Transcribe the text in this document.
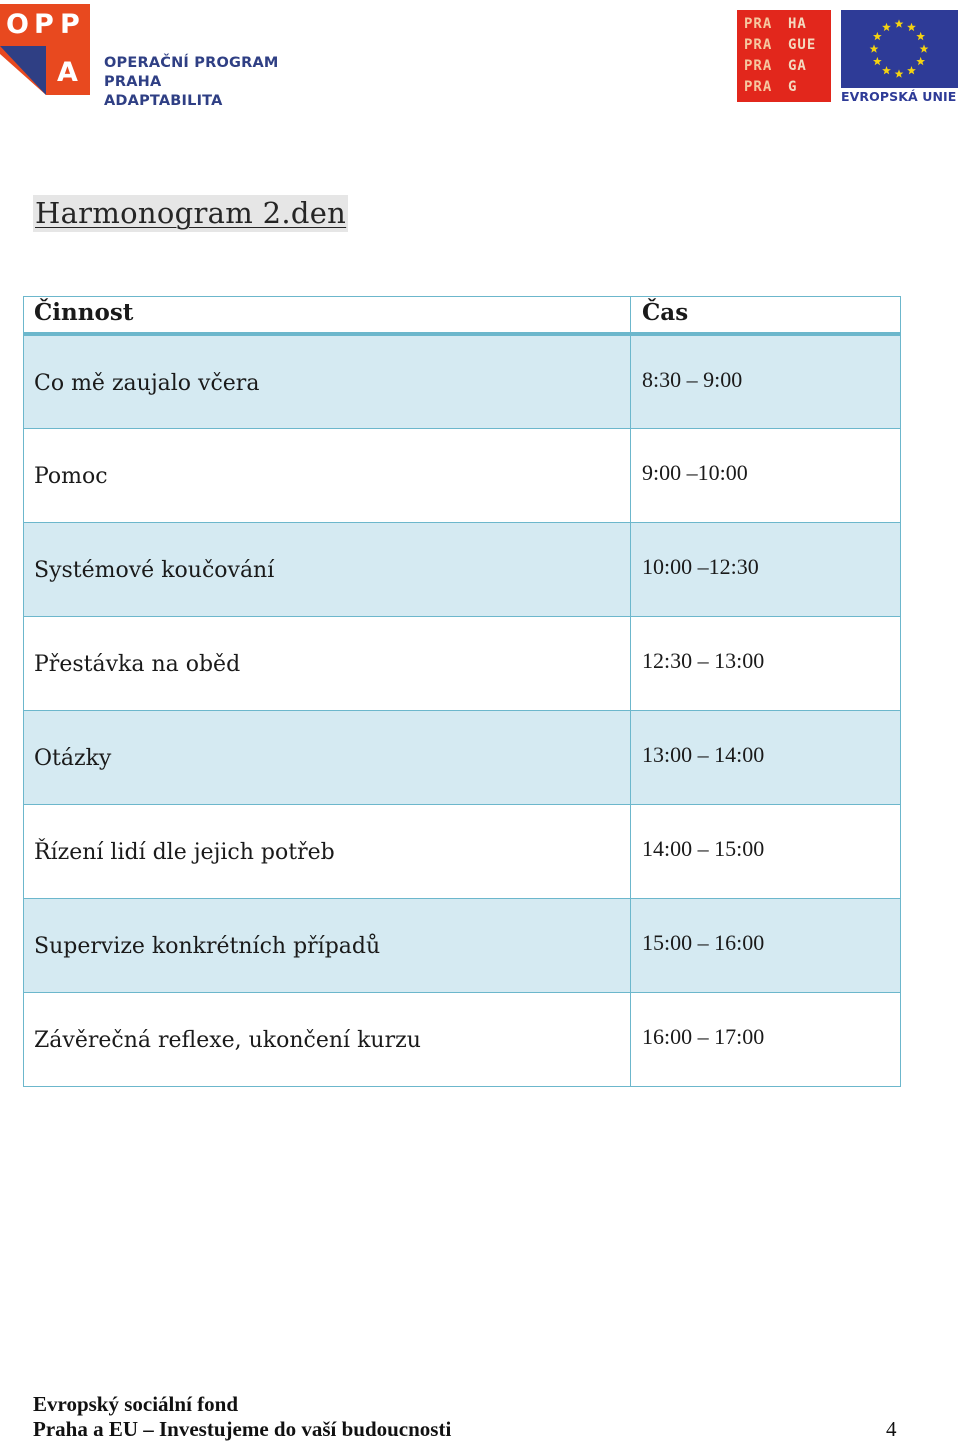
O P P
A OPERAČNÍ PROGRAM PRAHA
ADAPTABILITA
PRA HA
PRA GUE
PRA GA
PRA G
EVROPSKÁ UNIE
Harmonogram 2.den
Činnost	Čas
Co mě zaujalo včera	8:30 – 9:00
Pomoc	9:00 –10:00
Systémové koučování	10:00 –12:30
Přestávka na oběd	12:30 – 13:00
Otázky	13:00 – 14:00
Řízení lidí dle jejich potřeb	14:00 – 15:00
Supervize konkrétních případů	15:00 – 16:00
Závěrečná reflexe, ukončení kurzu	16:00 – 17:00
Evropský sociální fond
Praha a EU – Investujeme do vaší budoucnosti	4
